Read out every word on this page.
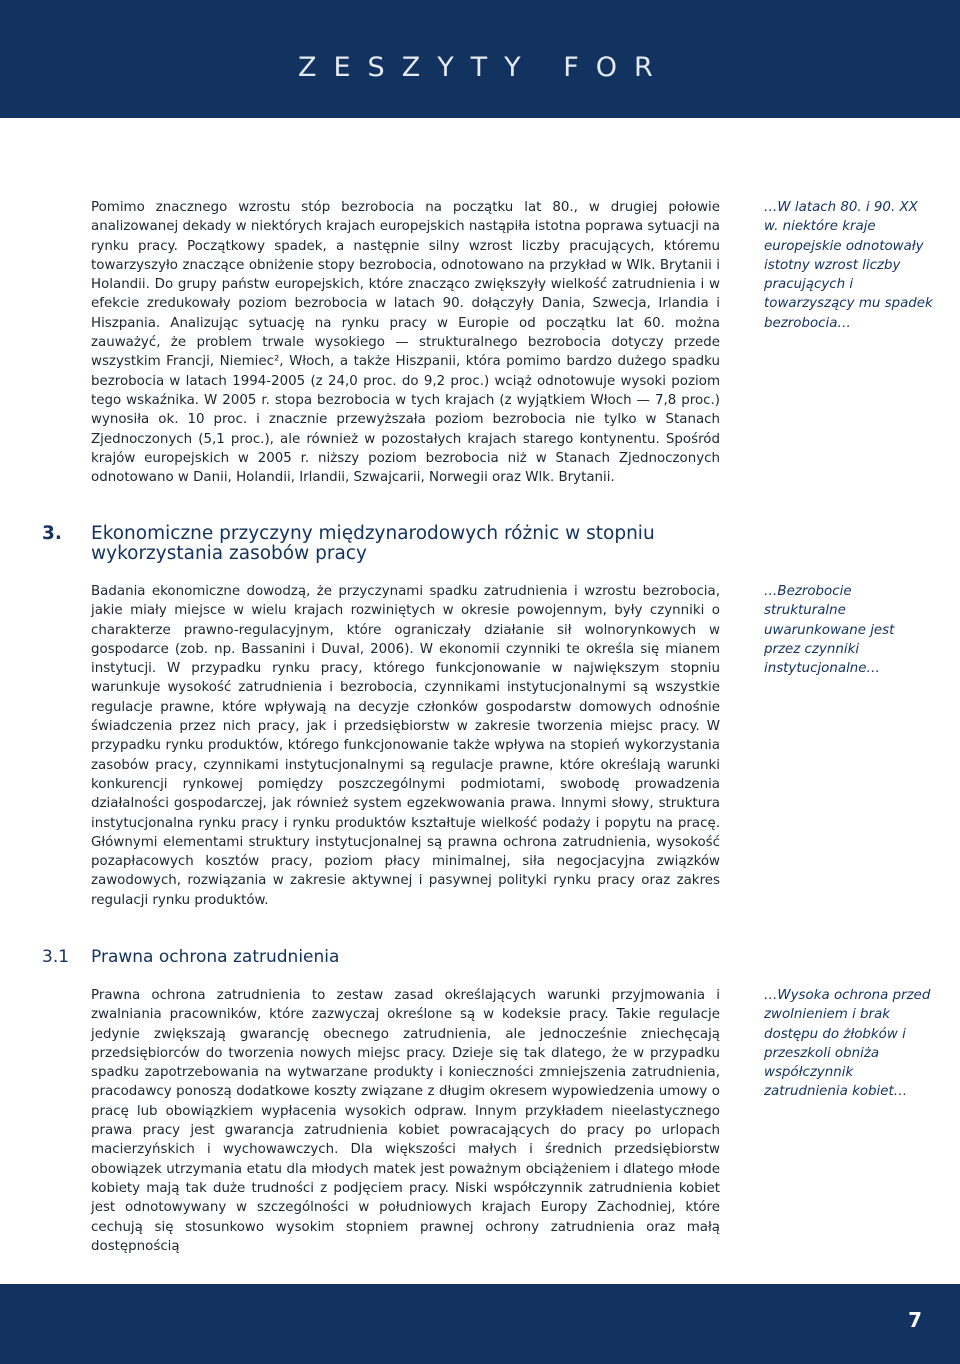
ZESZYTY FOR

Pomimo znacznego wzrostu stóp bezrobocia na początku lat 80., w drugiej połowie analizowanej dekady w niektórych krajach europejskich nastąpiła istotna poprawa sytuacji na rynku pracy. Początkowy spadek, a następnie silny wzrost liczby pracujących, któremu towarzyszyło znaczące obniżenie stopy bezrobocia, odnotowano na przykład w Wlk. Brytanii i Holandii. Do grupy państw europejskich, które znacząco zwiększyły wielkość zatrudnienia i w efekcie zredukowały poziom bezrobocia w latach 90. dołączyły Dania, Szwecja, Irlandia i Hiszpania. Analizując sytuację na rynku pracy w Europie od początku lat 60. można zauważyć, że problem trwale wysokiego — strukturalnego bezrobocia dotyczy przede wszystkim Francji, Niemiec², Włoch, a także Hiszpanii, która pomimo bardzo dużego spadku bezrobocia w latach 1994-2005 (z 24,0 proc. do 9,2 proc.) wciąż odnotowuje wysoki poziom tego wskaźnika. W 2005 r. stopa bezrobocia w tych krajach (z wyjątkiem Włoch — 7,8 proc.) wynosiła ok. 10 proc. i znacznie przewyższała poziom bezrobocia nie tylko w Stanach Zjednoczonych (5,1 proc.), ale również w pozostałych krajach starego kontynentu. Spośród krajów europejskich w 2005 r. niższy poziom bezrobocia niż w Stanach Zjednoczonych odnotowano w Danii, Holandii, Irlandii, Szwajcarii, Norwegii oraz Wlk. Brytanii.

…W latach 80. i 90. XX w. niektóre kraje europejskie odnotowały istotny wzrost liczby pracujących i towarzyszący mu spadek bezrobocia…
3. Ekonomiczne przyczyny międzynarodowych różnic w stopniu wykorzystania zasobów pracy

Badania ekonomiczne dowodzą, że przyczynami spadku zatrudnienia i wzrostu bezrobocia, jakie miały miejsce w wielu krajach rozwiniętych w okresie powojennym, były czynniki o charakterze prawno-regulacyjnym, które ograniczały działanie sił wolnorynkowych w gospodarce (zob. np. Bassanini i Duval, 2006). W ekonomii czynniki te określa się mianem instytucji. W przypadku rynku pracy, którego funkcjonowanie w największym stopniu warunkuje wysokość zatrudnienia i bezrobocia, czynnikami instytucjonalnymi są wszystkie regulacje prawne, które wpływają na decyzje członków gospodarstw domowych odnośnie świadczenia przez nich pracy, jak i przedsiębiorstw w zakresie tworzenia miejsc pracy. W przypadku rynku produktów, którego funkcjonowanie także wpływa na stopień wykorzystania zasobów pracy, czynnikami instytucjonalnymi są regulacje prawne, które określają warunki konkurencji rynkowej pomiędzy poszczególnymi podmiotami, swobodę prowadzenia działalności gospodarczej, jak również system egzekwowania prawa. Innymi słowy, struktura instytucjonalna rynku pracy i rynku produktów kształtuje wielkość podaży i popytu na pracę. Głównymi elementami struktury instytucjonalnej są prawna ochrona zatrudnienia, wysokość pozapłacowych kosztów pracy, poziom płacy minimalnej, siła negocjacyjna związków zawodowych, rozwiązania w zakresie aktywnej i pasywnej polityki rynku pracy oraz zakres regulacji rynku produktów.

…Bezrobocie strukturalne uwarunkowane jest przez czynniki instytucjonalne…
3.1 Prawna ochrona zatrudnienia

Prawna ochrona zatrudnienia to zestaw zasad określających warunki przyjmowania i zwalniania pracowników, które zazwyczaj określone są w kodeksie pracy. Takie regulacje jedynie zwiększają gwarancję obecnego zatrudnienia, ale jednocześnie zniechęcają przedsiębiorców do tworzenia nowych miejsc pracy. Dzieje się tak dlatego, że w przypadku spadku zapotrzebowania na wytwarzane produkty i konieczności zmniejszenia zatrudnienia, pracodawcy ponoszą dodatkowe koszty związane z długim okresem wypowiedzenia umowy o pracę lub obowiązkiem wypłacenia wysokich odpraw. Innym przykładem nieelastycznego prawa pracy jest gwarancja zatrudnienia kobiet powracających do pracy po urlopach macierzyńskich i wychowawczych. Dla większości małych i średnich przedsiębiorstw obowiązek utrzymania etatu dla młodych matek jest poważnym obciążeniem i dlatego młode kobiety mają tak duże trudności z podjęciem pracy. Niski współczynnik zatrudnienia kobiet jest odnotowywany w szczególności w południowych krajach Europy Zachodniej, które cechują się stosunkowo wysokim stopniem prawnej ochrony zatrudnienia oraz małą dostępnością

…Wysoka ochrona przed zwolnieniem i brak dostępu do żłobków i przeszkoli obniża współczynnik zatrudnienia kobiet…
7
